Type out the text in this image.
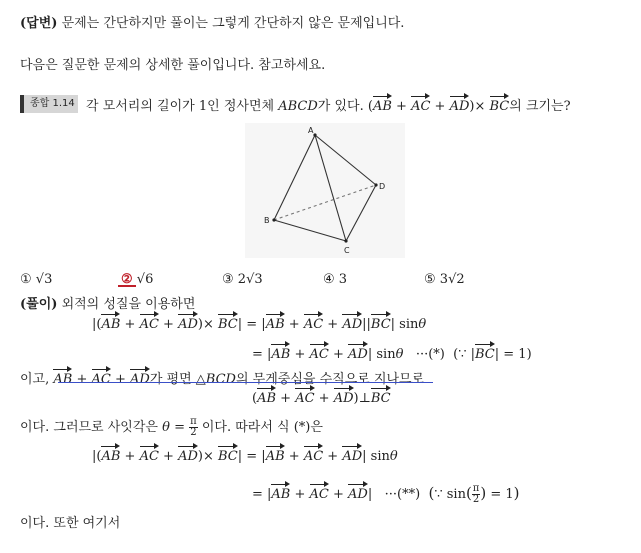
(답변) 문제는 간단하지만 풀이는 그렇게 간단하지 않은 문제입니다.
다음은 질문한 문제의 상세한 풀이입니다. 참고하세요.
종합 1.14 각 모서리의 길이가 1인 정사면체 ABCD가 있다. (AB + AC + AD)× BC의 크기는?
A
B
C
D
① √3	② √6	③ 2√3	④ 3	⑤ 3√2
(풀이) 외적의 성질을 이용하면
|(AB + AC + AD)× BC| = |AB + AC + AD||BC| sinθ
= |AB + AC + AD| sinθ ···(*)  (∵ |BC| = 1)
이고, AB + AC + AD가 평면 △BCD의 무게중심을 수직으로 지나므로
(AB + AC + AD)⊥BC
이다. 그러므로 사잇각은 $\theta = \frac{\pi}{2}$ 이다. 따라서 식 (*)은
|(AB + AC + AD)× BC| = |AB + AC + AD| sinθ
= |AB + AC + AD|   ···(**) (∵ $\sin( \frac{\pi}{2}$ ) = 1)
이다. 또한 여기서
